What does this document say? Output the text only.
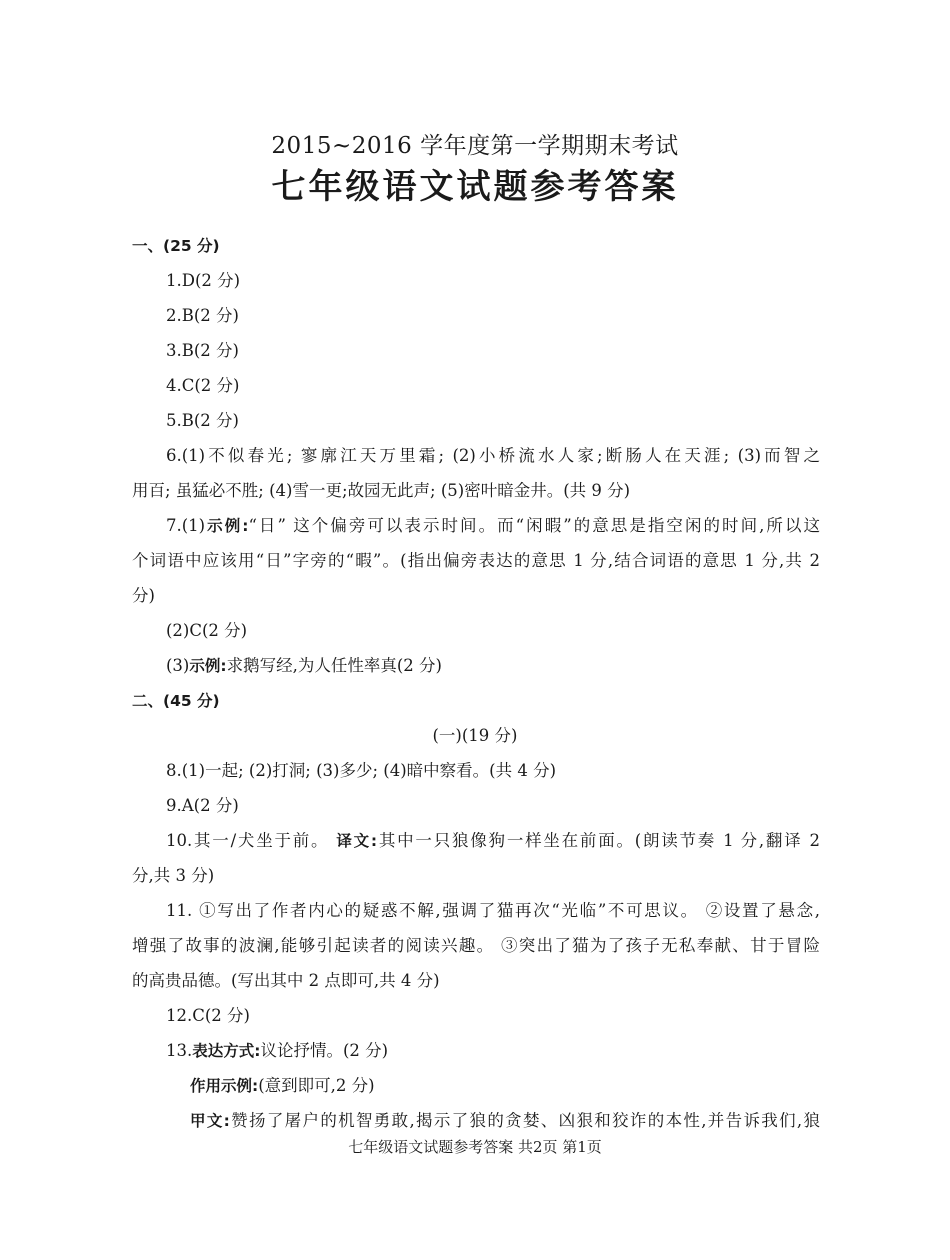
2015~2016 学年度第一学期期末考试
七年级语文试题参考答案
一、(25 分)
1.D(2 分)
2.B(2 分)
3.B(2 分)
4.C(2 分)
5.B(2 分)
6.(1)不似春光; 寥廓江天万里霜; (2)小桥流水人家;断肠人在天涯; (3)而智之
用百; 虽猛必不胜; (4)雪一更;故园无此声; (5)密叶暗金井。(共 9 分)
7.(1)示例:“日” 这个偏旁可以表示时间。而“闲暇”的意思是指空闲的时间,所以这
个词语中应该用“日”字旁的“暇”。(指出偏旁表达的意思 1 分,结合词语的意思 1 分,共 2
分)
(2)C(2 分)
(3)示例:求鹅写经,为人任性率真(2 分)
二、(45 分)
(一)(19 分)
8.(1)一起; (2)打洞; (3)多少; (4)暗中察看。(共 4 分)
9.A(2 分)
10.其一/犬坐于前。 译文:其中一只狼像狗一样坐在前面。(朗读节奏 1 分,翻译 2
分,共 3 分)
11. ①写出了作者内心的疑惑不解,强调了猫再次“光临”不可思议。 ②设置了悬念,
增强了故事的波澜,能够引起读者的阅读兴趣。 ③突出了猫为了孩子无私奉献、甘于冒险
的高贵品德。(写出其中 2 点即可,共 4 分)
12.C(2 分)
13.表达方式:议论抒情。(2 分)
作用示例:(意到即可,2 分)
甲文:赞扬了屠户的机智勇敢,揭示了狼的贪婪、凶狠和狡诈的本性,并告诉我们,狼
七年级语文试题参考答案 共2页 第1页
